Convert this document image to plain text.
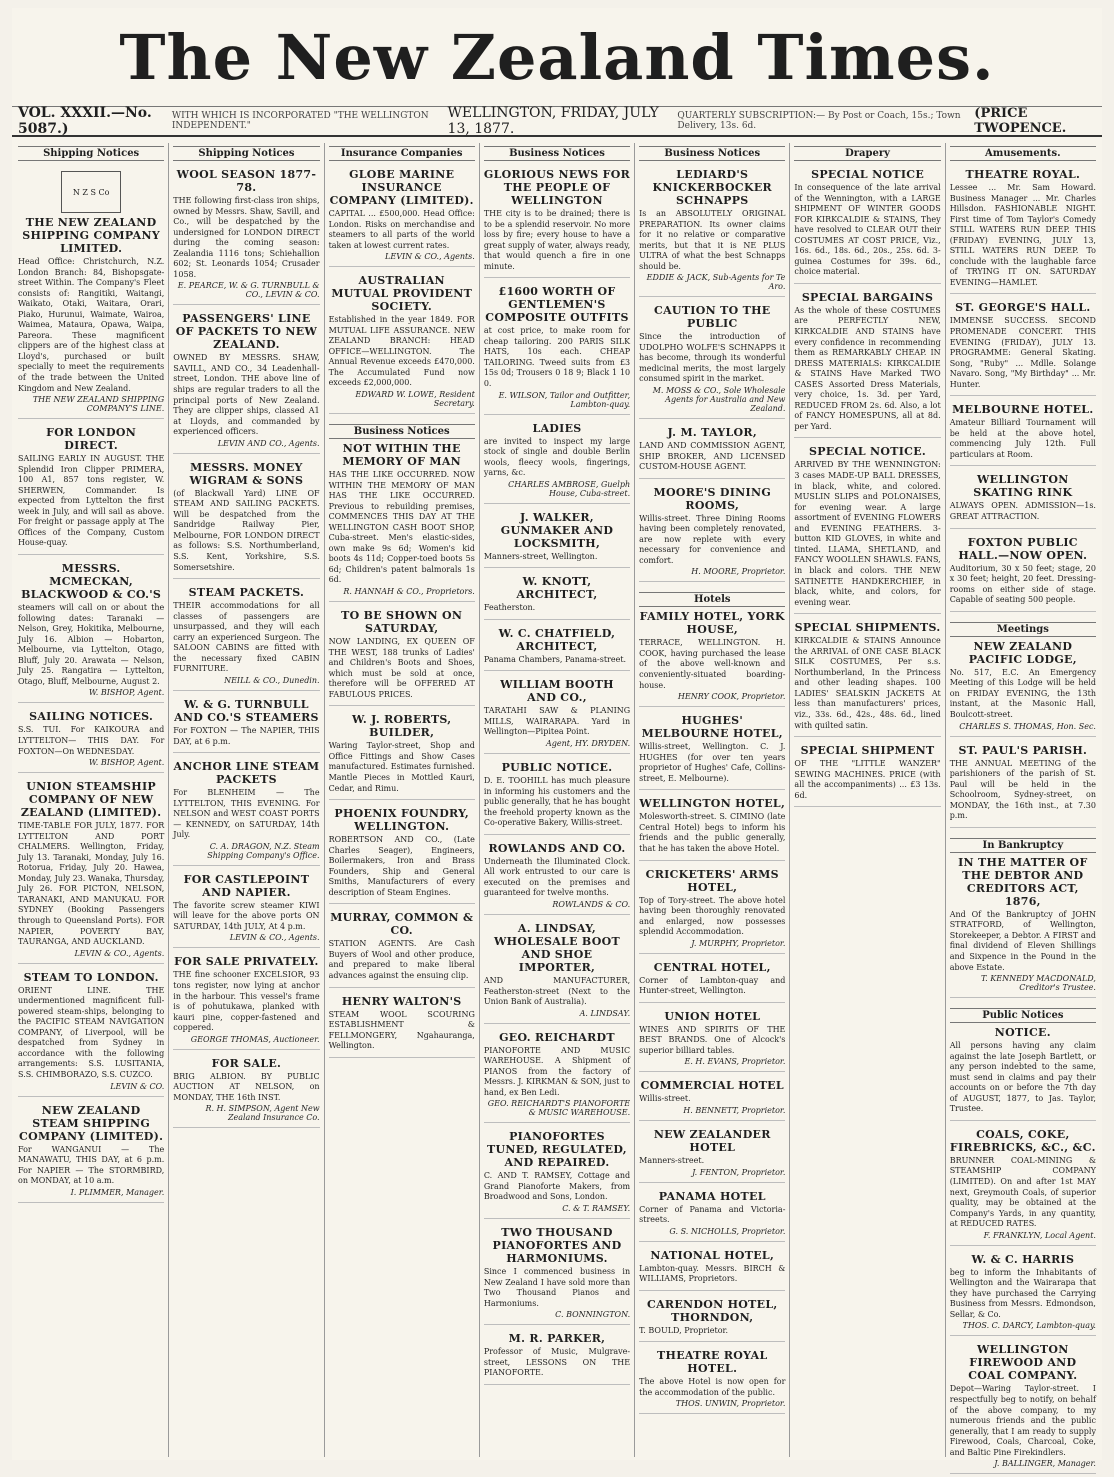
The New Zealand Times.
VOL. XXXII.—No. 5087.)
WITH WHICH IS INCORPORATED "THE WELLINGTON INDEPENDENT."
WELLINGTON, FRIDAY, JULY 13, 1877.
QUARTERLY SUBSCRIPTION:— By Post or Coach, 15s.; Town Delivery, 13s. 6d.
(PRICE TWOPENCE.
Shipping Notices
N Z S Co
THE NEW ZEALAND SHIPPING COMPANY LIMITED.
Head Office: Christchurch, N.Z. London Branch: 84, Bishopsgate-street Within. The Company's Fleet consists of: Rangitiki, Waitangi, Waikato, Otaki, Waitara, Orari, Piako, Hurunui, Waimate, Wairoa, Waimea, Mataura, Opawa, Waipa, Pareora. These magnificent clippers are of the highest class at Lloyd's, purchased or built specially to meet the requirements of the trade between the United Kingdom and New Zealand.
THE NEW ZEALAND SHIPPING COMPANY'S LINE.
FOR LONDON DIRECT.
SAILING EARLY IN AUGUST. THE Splendid Iron Clipper PRIMERA, 100 A1, 857 tons register, W. SHERWEN, Commander. Is expected from Lyttelton the first week in July, and will sail as above. For freight or passage apply at The Offices of the Company, Custom House-quay.
MESSRS. MCMECKAN, BLACKWOOD & CO.'S
steamers will call on or about the following dates: Taranaki — Nelson, Grey, Hokitika, Melbourne, July 16. Albion — Hobarton, Melbourne, via Lyttelton, Otago, Bluff, July 20. Arawata — Nelson, July 25. Rangatira — Lyttelton, Otago, Bluff, Melbourne, August 2.
W. BISHOP, Agent.
SAILING NOTICES.
S.S. TUI. For KAIKOURA and LYTTELTON— THIS DAY. For FOXTON—On WEDNESDAY.
W. BISHOP, Agent.
UNION STEAMSHIP COMPANY OF NEW ZEALAND (LIMITED).
TIME-TABLE FOR JULY, 1877. FOR LYTTELTON AND PORT CHALMERS. Wellington, Friday, July 13. Taranaki, Monday, July 16. Rotorua, Friday, July 20. Hawea, Monday, July 23. Wanaka, Thursday, July 26. FOR PICTON, NELSON, TARANAKI, AND MANUKAU. FOR SYDNEY (Booking Passengers through to Queensland Ports). FOR NAPIER, POVERTY BAY, TAURANGA, AND AUCKLAND.
LEVIN & CO., Agents.
STEAM TO LONDON.
ORIENT LINE. THE undermentioned magnificent full-powered steam-ships, belonging to the PACIFIC STEAM NAVIGATION COMPANY, of Liverpool, will be despatched from Sydney in accordance with the following arrangements: S.S. LUSITANIA, S.S. CHIMBORAZO, S.S. CUZCO.
LEVIN & CO.
NEW ZEALAND STEAM SHIPPING COMPANY (LIMITED).
For WANGANUI — The MANAWATU, THIS DAY, at 6 p.m. For NAPIER — The STORMBIRD, on MONDAY, at 10 a.m.
I. PLIMMER, Manager.
Shipping Notices
WOOL SEASON 1877-78.
THE following first-class iron ships, owned by Messrs. Shaw, Savill, and Co., will be despatched by the undersigned for LONDON DIRECT during the coming season: Zealandia 1116 tons; Schiehallion 602; St. Leonards 1054; Crusader 1058.
E. PEARCE, W. & G. TURNBULL & CO., LEVIN & CO.
PASSENGERS' LINE OF PACKETS TO NEW ZEALAND.
OWNED BY MESSRS. SHAW, SAVILL, AND CO., 34 Leadenhall-street, London. THE above line of ships are regular traders to all the principal ports of New Zealand. They are clipper ships, classed A1 at Lloyds, and commanded by experienced officers.
LEVIN AND CO., Agents.
MESSRS. MONEY WIGRAM & SONS
(of Blackwall Yard) LINE OF STEAM AND SAILING PACKETS. Will be despatched from the Sandridge Railway Pier, Melbourne, FOR LONDON DIRECT as follows: S.S. Northumberland, S.S. Kent, Yorkshire, S.S. Somersetshire.
STEAM PACKETS.
THEIR accommodations for all classes of passengers are unsurpassed, and they will each carry an experienced Surgeon. The SALOON CABINS are fitted with the necessary fixed CABIN FURNITURE.
NEILL & CO., Dunedin.
W. & G. TURNBULL AND CO.'S STEAMERS
For FOXTON — The NAPIER, THIS DAY, at 6 p.m.
ANCHOR LINE STEAM PACKETS
For BLENHEIM — The LYTTELTON, THIS EVENING. For NELSON and WEST COAST PORTS — KENNEDY, on SATURDAY, 14th July.
C. A. DRAGON, N.Z. Steam Shipping Company's Office.
FOR CASTLEPOINT AND NAPIER.
The favorite screw steamer KIWI will leave for the above ports ON SATURDAY, 14th JULY, At 4 p.m.
LEVIN & CO., Agents.
FOR SALE PRIVATELY.
THE fine schooner EXCELSIOR, 93 tons register, now lying at anchor in the harbour. This vessel's frame is of pohutukawa, planked with kauri pine, copper-fastened and coppered.
GEORGE THOMAS, Auctioneer.
FOR SALE.
BRIG ALBION. BY PUBLIC AUCTION AT NELSON, on MONDAY, THE 16th INST.
R. H. SIMPSON, Agent New Zealand Insurance Co.
Insurance Companies
GLOBE MARINE INSURANCE COMPANY (LIMITED).
CAPITAL ... £500,000. Head Office: London. Risks on merchandise and steamers to all parts of the world taken at lowest current rates.
LEVIN & CO., Agents.
AUSTRALIAN MUTUAL PROVIDENT SOCIETY.
Established in the year 1849. FOR MUTUAL LIFE ASSURANCE. NEW ZEALAND BRANCH: HEAD OFFICE—WELLINGTON. The Annual Revenue exceeds £470,000. The Accumulated Fund now exceeds £2,000,000.
EDWARD W. LOWE, Resident Secretary.
Business Notices
NOT WITHIN THE MEMORY OF MAN
HAS THE LIKE OCCURRED. NOW WITHIN THE MEMORY OF MAN HAS THE LIKE OCCURRED. Previous to rebuilding premises, COMMENCES THIS DAY AT THE WELLINGTON CASH BOOT SHOP, Cuba-street. Men's elastic-sides, own make 9s 6d; Women's kid boots 4s 11d; Copper-toed boots 5s 6d; Children's patent balmorals 1s 6d.
R. HANNAH & CO., Proprietors.
TO BE SHOWN ON SATURDAY,
NOW LANDING, EX QUEEN OF THE WEST, 188 trunks of Ladies' and Children's Boots and Shoes, which must be sold at once, therefore will be OFFERED AT FABULOUS PRICES.
W. J. ROBERTS, BUILDER,
Waring Taylor-street, Shop and Office Fittings and Show Cases manufactured. Estimates furnished. Mantle Pieces in Mottled Kauri, Cedar, and Rimu.
PHOENIX FOUNDRY, WELLINGTON.
ROBERTSON AND CO., (Late Charles Seager), Engineers, Boilermakers, Iron and Brass Founders, Ship and General Smiths, Manufacturers of every description of Steam Engines.
MURRAY, COMMON & CO.
STATION AGENTS. Are Cash Buyers of Wool and other produce, and prepared to make liberal advances against the ensuing clip.
HENRY WALTON'S
STEAM WOOL SCOURING ESTABLISHMENT & FELLMONGERY, Ngahauranga, Wellington.
Business Notices
GLORIOUS NEWS FOR THE PEOPLE OF WELLINGTON
THE city is to be drained; there is to be a splendid reservoir. No more loss by fire; every house to have a great supply of water, always ready, that would quench a fire in one minute.
£1600 WORTH OF GENTLEMEN'S COMPOSITE OUTFITS
at cost price, to make room for cheap tailoring. 200 PARIS SILK HATS, 10s each. CHEAP TAILORING. Tweed suits from £3 15s 0d; Trousers 0 18 9; Black 1 10 0.
E. WILSON, Tailor and Outfitter, Lambton-quay.
LADIES
are invited to inspect my large stock of single and double Berlin wools, fleecy wools, fingerings, yarns, &c.
CHARLES AMBROSE, Guelph House, Cuba-street.
J. WALKER, GUNMAKER AND LOCKSMITH,
Manners-street, Wellington.
W. KNOTT, ARCHITECT,
Featherston.
W. C. CHATFIELD, ARCHITECT,
Panama Chambers, Panama-street.
WILLIAM BOOTH AND CO.,
TARATAHI SAW & PLANING MILLS, WAIRARAPA. Yard in Wellington—Pipitea Point.
Agent, HY. DRYDEN.
PUBLIC NOTICE.
D. E. TOOHILL has much pleasure in informing his customers and the public generally, that he has bought the freehold property known as the Co-operative Bakery, Willis-street.
ROWLANDS AND CO.
Underneath the Illuminated Clock. All work entrusted to our care is executed on the premises and guaranteed for twelve months.
ROWLANDS & CO.
A. LINDSAY, WHOLESALE BOOT AND SHOE IMPORTER,
AND MANUFACTURER, Featherston-street (Next to the Union Bank of Australia).
A. LINDSAY.
GEO. REICHARDT
PIANOFORTE AND MUSIC WAREHOUSE. A Shipment of PIANOS from the factory of Messrs. J. KIRKMAN & SON, just to hand, ex Ben Ledi.
GEO. REICHARDT'S PIANOFORTE & MUSIC WAREHOUSE.
PIANOFORTES TUNED, REGULATED, AND REPAIRED.
C. AND T. RAMSEY, Cottage and Grand Pianoforte Makers, from Broadwood and Sons, London.
C. & T. RAMSEY.
TWO THOUSAND PIANOFORTES AND HARMONIUMS.
Since I commenced business in New Zealand I have sold more than Two Thousand Pianos and Harmoniums.
C. BONNINGTON.
M. R. PARKER,
Professor of Music, Mulgrave-street, LESSONS ON THE PIANOFORTE.
Business Notices
LEDIARD'S KNICKERBOCKER SCHNAPPS
Is an ABSOLUTELY ORIGINAL PREPARATION. Its owner claims for it no relative or comparative merits, but that it is NE PLUS ULTRA of what the best Schnapps should be.
EDDIE & JACK, Sub-Agents for Te Aro.
CAUTION TO THE PUBLIC
Since the introduction of UDOLPHO WOLFE'S SCHNAPPS it has become, through its wonderful medicinal merits, the most largely consumed spirit in the market.
M. MOSS & CO., Sole Wholesale Agents for Australia and New Zealand.
J. M. TAYLOR,
LAND AND COMMISSION AGENT, SHIP BROKER, AND LICENSED CUSTOM-HOUSE AGENT.
MOORE'S DINING ROOMS,
Willis-street. Three Dining Rooms having been completely renovated, are now replete with every necessary for convenience and comfort.
H. MOORE, Proprietor.
Hotels
FAMILY HOTEL, YORK HOUSE,
TERRACE, WELLINGTON. H. COOK, having purchased the lease of the above well-known and conveniently-situated boarding-house.
HENRY COOK, Proprietor.
HUGHES' MELBOURNE HOTEL,
Willis-street, Wellington. C. J. HUGHES (for over ten years proprietor of Hughes' Cafe, Collins-street, E. Melbourne).
WELLINGTON HOTEL,
Molesworth-street. S. CIMINO (late Central Hotel) begs to inform his friends and the public generally, that he has taken the above Hotel.
CRICKETERS' ARMS HOTEL,
Top of Tory-street. The above hotel having been thoroughly renovated and enlarged, now possesses splendid Accommodation.
J. MURPHY, Proprietor.
CENTRAL HOTEL,
Corner of Lambton-quay and Hunter-street, Wellington.
UNION HOTEL
WINES AND SPIRITS OF THE BEST BRANDS. One of Alcock's superior billiard tables.
E. H. EVANS, Proprietor.
COMMERCIAL HOTEL
Willis-street.
H. BENNETT, Proprietor.
NEW ZEALANDER HOTEL
Manners-street.
J. FENTON, Proprietor.
PANAMA HOTEL
Corner of Panama and Victoria-streets.
G. S. NICHOLLS, Proprietor.
NATIONAL HOTEL,
Lambton-quay. Messrs. BIRCH & WILLIAMS, Proprietors.
CARENDON HOTEL, THORNDON,
T. BOULD, Proprietor.
THEATRE ROYAL HOTEL.
The above Hotel is now open for the accommodation of the public.
THOS. UNWIN, Proprietor.
Drapery
SPECIAL NOTICE
In consequence of the late arrival of the Wennington, with a LARGE SHIPMENT OF WINTER GOODS FOR KIRKCALDIE & STAINS, They have resolved to CLEAR OUT their COSTUMES AT COST PRICE, Viz., 16s. 6d., 18s. 6d., 20s., 25s. 6d. 3-guinea Costumes for 39s. 6d., choice material.
SPECIAL BARGAINS
As the whole of these COSTUMES are PERFECTLY NEW, KIRKCALDIE AND STAINS have every confidence in recommending them as REMARKABLY CHEAP. IN DRESS MATERIALS: KIRKCALDIE & STAINS Have Marked TWO CASES Assorted Dress Materials, very choice, 1s. 3d. per Yard, REDUCED FROM 2s. 6d. Also, a lot of FANCY HOMESPUNS, all at 8d. per Yard.
SPECIAL NOTICE.
ARRIVED BY THE WENNINGTON: 3 cases MADE-UP BALL DRESSES, in black, white, and colored. MUSLIN SLIPS and POLONAISES, for evening wear. A large assortment of EVENING FLOWERS and EVENING FEATHERS. 3-button KID GLOVES, in white and tinted. LLAMA, SHETLAND, and FANCY WOOLLEN SHAWLS. FANS, in black and colors. THE NEW SATINETTE HANDKERCHIEF, in black, white, and colors, for evening wear.
SPECIAL SHIPMENTS.
KIRKCALDIE & STAINS Announce the ARRIVAL of ONE CASE BLACK SILK COSTUMES, Per s.s. Northumberland, In the Princess and other leading shapes. 100 LADIES' SEALSKIN JACKETS At less than manufacturers' prices, viz., 33s. 6d., 42s., 48s. 6d., lined with quilted satin.
SPECIAL SHIPMENT
OF THE "LITTLE WANZER" SEWING MACHINES. PRICE (with all the accompaniments) ... £3 13s. 6d.
Amusements.
THEATRE ROYAL.
Lessee ... Mr. Sam Howard. Business Manager ... Mr. Charles Hillsdon. FASHIONABLE NIGHT. First time of Tom Taylor's Comedy STILL WATERS RUN DEEP. THIS (FRIDAY) EVENING, JULY 13, STILL WATERS RUN DEEP. To conclude with the laughable farce of TRYING IT ON. SATURDAY EVENING—HAMLET.
ST. GEORGE'S HALL.
IMMENSE SUCCESS. SECOND PROMENADE CONCERT. THIS EVENING (FRIDAY), JULY 13. PROGRAMME: General Skating. Song, "Ruby" ... Mdlle. Solange Navaro. Song, "My Birthday" ... Mr. Hunter.
MELBOURNE HOTEL.
Amateur Billiard Tournament will be held at the above hotel, commencing July 12th. Full particulars at Room.
WELLINGTON SKATING RINK
ALWAYS OPEN. ADMISSION—1s. GREAT ATTRACTION.
FOXTON PUBLIC HALL.—NOW OPEN.
Auditorium, 30 x 50 feet; stage, 20 x 30 feet; height, 20 feet. Dressing-rooms on either side of stage. Capable of seating 500 people.
Meetings
NEW ZEALAND PACIFIC LODGE,
No. 517, E.C. An Emergency Meeting of this Lodge will be held on FRIDAY EVENING, the 13th instant, at the Masonic Hall, Boulcott-street.
CHARLES S. THOMAS, Hon. Sec.
ST. PAUL'S PARISH.
THE ANNUAL MEETING of the parishioners of the parish of St. Paul will be held in the Schoolroom, Sydney-street, on MONDAY, the 16th inst., at 7.30 p.m.
In Bankruptcy
IN THE MATTER OF THE DEBTOR AND CREDITORS ACT, 1876,
And Of the Bankruptcy of JOHN STRATFORD, of Wellington, Storekeeper, a Debtor. A FIRST and final dividend of Eleven Shillings and Sixpence in the Pound in the above Estate.
T. KENNEDY MACDONALD, Creditor's Trustee.
Public Notices
NOTICE.
All persons having any claim against the late Joseph Bartlett, or any person indebted to the same, must send in claims and pay their accounts on or before the 7th day of AUGUST, 1877, to Jas. Taylor, Trustee.
COALS, COKE, FIREBRICKS, &C., &C.
BRUNNER COAL-MINING & STEAMSHIP COMPANY (LIMITED). On and after 1st MAY next, Greymouth Coals, of superior quality, may be obtained at the Company's Yards, in any quantity, at REDUCED RATES.
F. FRANKLYN, Local Agent.
W. & C. HARRIS
beg to inform the Inhabitants of Wellington and the Wairarapa that they have purchased the Carrying Business from Messrs. Edmondson, Sellar, & Co.
THOS. C. DARCY, Lambton-quay.
WELLINGTON FIREWOOD AND COAL COMPANY.
Depot—Waring Taylor-street. I respectfully beg to notify, on behalf of the above company, to my numerous friends and the public generally, that I am ready to supply Firewood, Coals, Charcoal, Coke, and Baltic Pine Firekindlers.
J. BALLINGER, Manager.
